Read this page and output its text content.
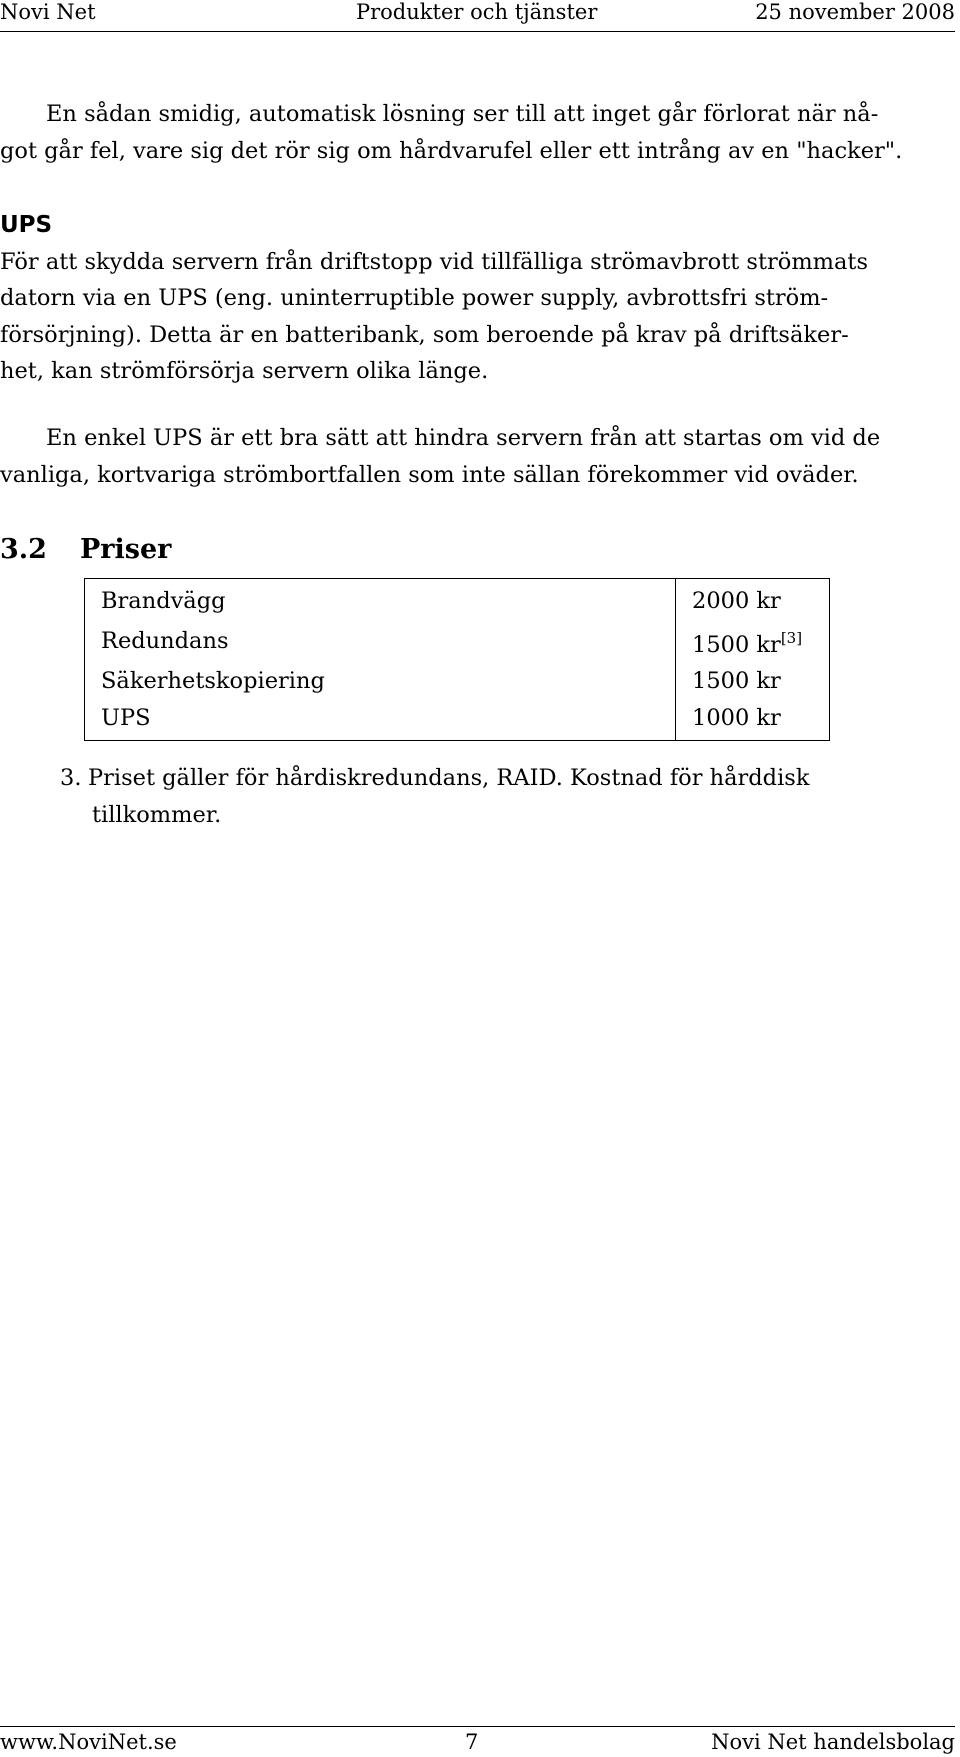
Novi Net	Produkter och tjänster	25 november 2008
En sådan smidig, automatisk lösning ser till att inget går förlorat när nå-
got går fel, vare sig det rör sig om hårdvarufel eller ett intrång av en "hacker".
UPS
För att skydda servern från driftstopp vid tillfälliga strömavbrott strömmats
datorn via en UPS (eng. uninterruptible power supply, avbrottsfri ström-
försörjning). Detta är en batteribank, som beroende på krav på driftsäker-
het, kan strömförsörja servern olika länge.
En enkel UPS är ett bra sätt att hindra servern från att startas om vid de
vanliga, kortvariga strömbortfallen som inte sällan förekommer vid oväder.
3.2 Priser
Brandvägg	2000 kr
Redundans	1500 kr[3]
Säkerhetskopiering	1500 kr
UPS	1000 kr
3. Priset gäller för hårdiskredundans, RAID. Kostnad för hårddisk
tillkommer.
www.NoviNet.se	7	Novi Net handelsbolag
